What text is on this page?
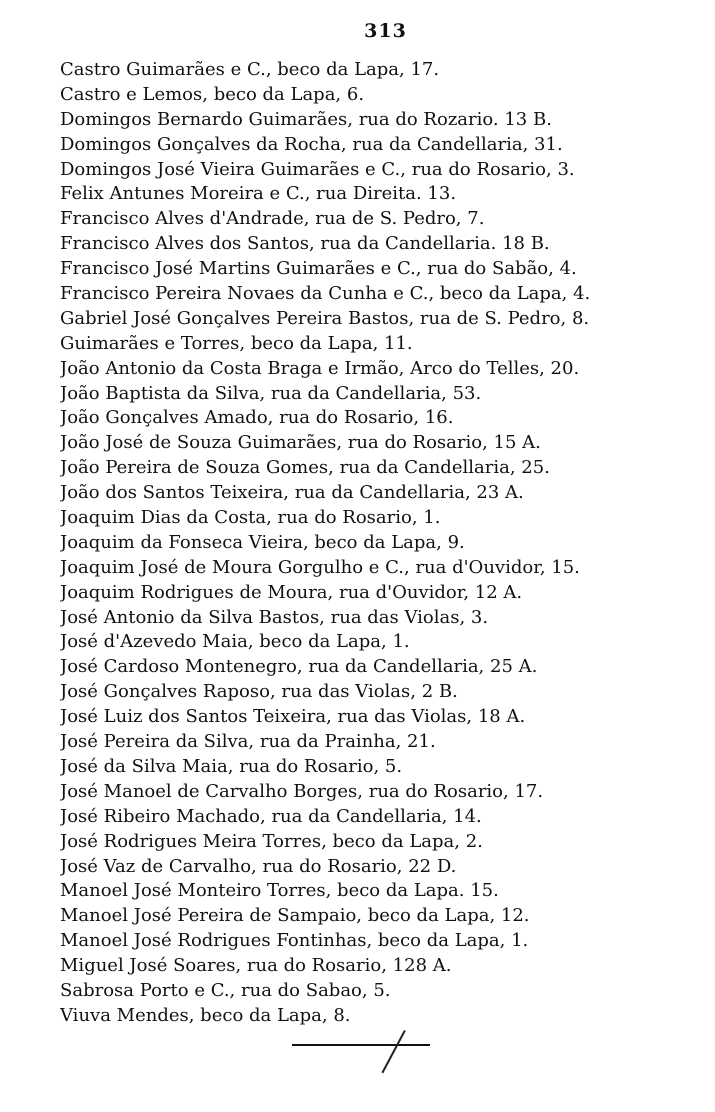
313
Castro Guimarães e C., beco da Lapa, 17.
Castro e Lemos, beco da Lapa, 6.
Domingos Bernardo Guimarães, rua do Rozario. 13 B.
Domingos Gonçalves da Rocha, rua da Candellaria, 31.
Domingos José Vieira Guimarães e C., rua do Rosario, 3.
Felix Antunes Moreira e C., rua Direita. 13.
Francisco Alves d'Andrade, rua de S. Pedro, 7.
Francisco Alves dos Santos, rua da Candellaria. 18 B.
Francisco José Martins Guimarães e C., rua do Sabão, 4.
Francisco Pereira Novaes da Cunha e C., beco da Lapa, 4.
Gabriel José Gonçalves Pereira Bastos, rua de S. Pedro, 8.
Guimarães e Torres, beco da Lapa, 11.
João Antonio da Costa Braga e Irmão, Arco do Telles, 20.
João Baptista da Silva, rua da Candellaria, 53.
João Gonçalves Amado, rua do Rosario, 16.
João José de Souza Guimarães, rua do Rosario, 15 A.
João Pereira de Souza Gomes, rua da Candellaria, 25.
João dos Santos Teixeira, rua da Candellaria, 23 A.
Joaquim Dias da Costa, rua do Rosario, 1.
Joaquim da Fonseca Vieira, beco da Lapa, 9.
Joaquim José de Moura Gorgulho e C., rua d'Ouvidor, 15.
Joaquim Rodrigues de Moura, rua d'Ouvidor, 12 A.
José Antonio da Silva Bastos, rua das Violas, 3.
José d'Azevedo Maia, beco da Lapa, 1.
José Cardoso Montenegro, rua da Candellaria, 25 A.
José Gonçalves Raposo, rua das Violas, 2 B.
José Luiz dos Santos Teixeira, rua das Violas, 18 A.
José Pereira da Silva, rua da Prainha, 21.
José da Silva Maia, rua do Rosario, 5.
José Manoel de Carvalho Borges, rua do Rosario, 17.
José Ribeiro Machado, rua da Candellaria, 14.
José Rodrigues Meira Torres, beco da Lapa, 2.
José Vaz de Carvalho, rua do Rosario, 22 D.
Manoel José Monteiro Torres, beco da Lapa. 15.
Manoel José Pereira de Sampaio, beco da Lapa, 12.
Manoel José Rodrigues Fontinhas, beco da Lapa, 1.
Miguel José Soares, rua do Rosario, 128 A.
Sabrosa Porto e C., rua do Sabao, 5.
Viuva Mendes, beco da Lapa, 8.
